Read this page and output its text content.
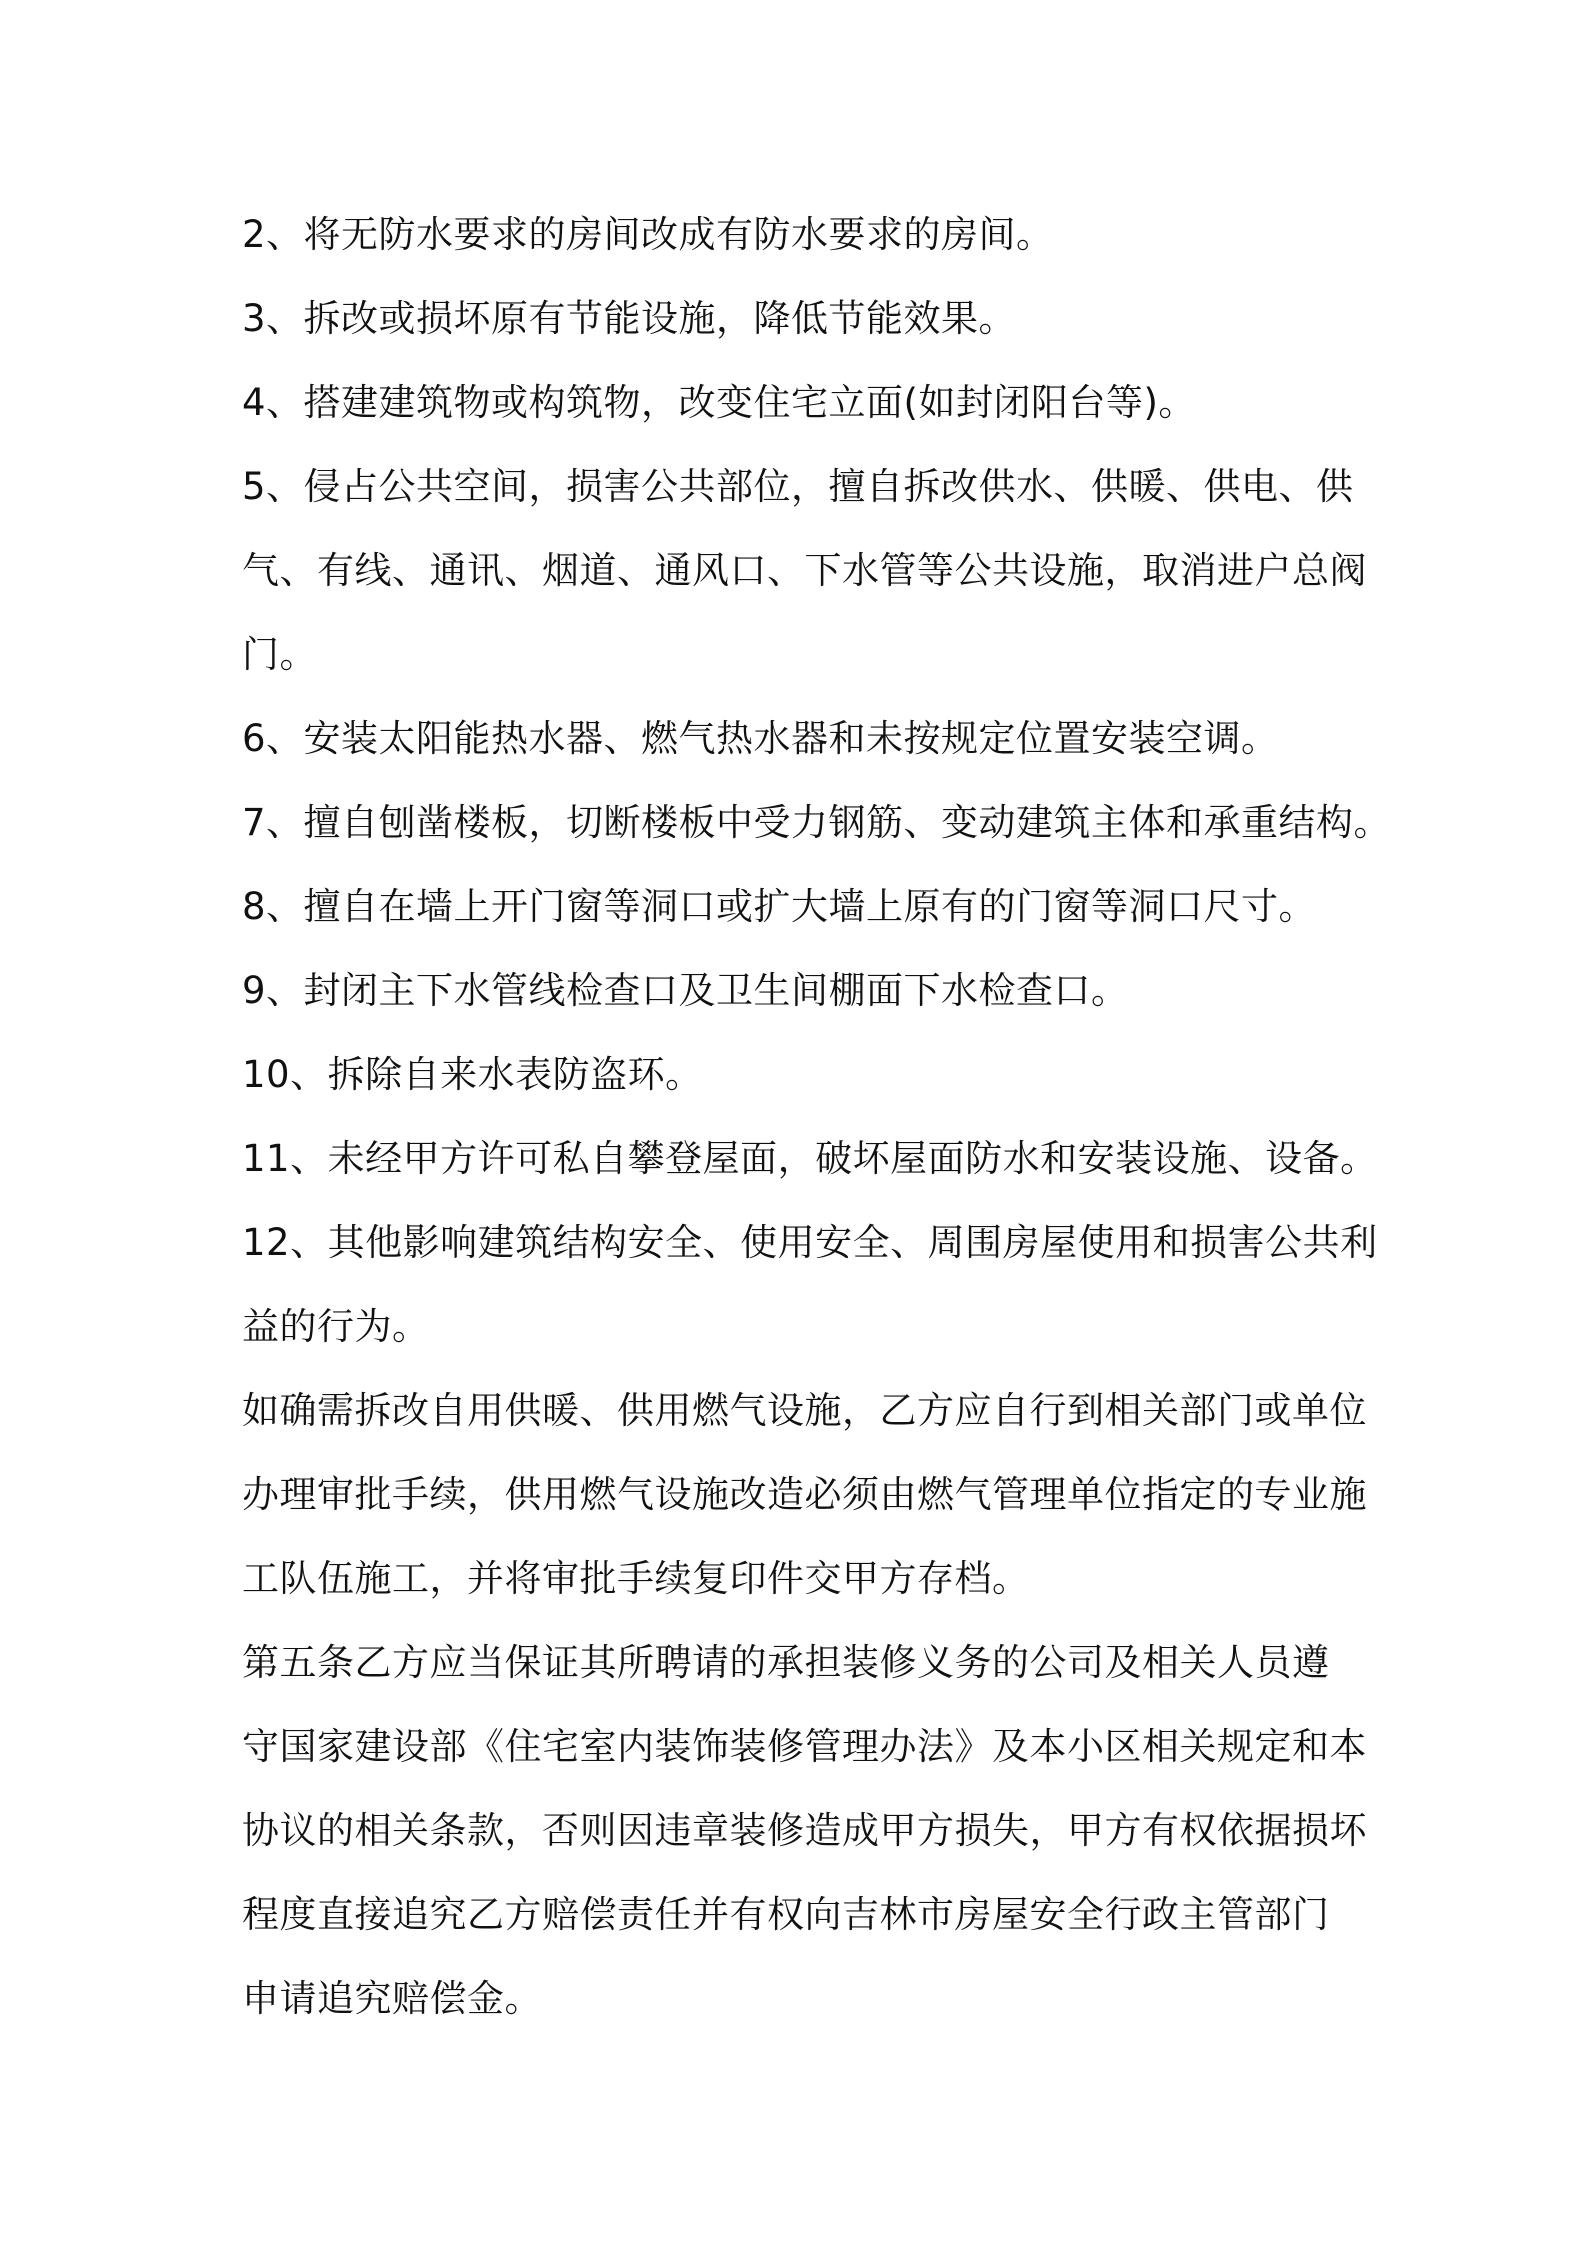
2、将无防水要求的房间改成有防水要求的房间。
3、拆改或损坏原有节能设施，降低节能效果。
4、搭建建筑物或构筑物，改变住宅立面(如封闭阳台等)。
5、侵占公共空间，损害公共部位，擅自拆改供水、供暖、供电、供
气、有线、通讯、烟道、通风口、下水管等公共设施，取消进户总阀
门。
6、安装太阳能热水器、燃气热水器和未按规定位置安装空调。
7、擅自刨凿楼板，切断楼板中受力钢筋、变动建筑主体和承重结构。
8、擅自在墙上开门窗等洞口或扩大墙上原有的门窗等洞口尺寸。
9、封闭主下水管线检查口及卫生间棚面下水检查口。
10、拆除自来水表防盗环。
11、未经甲方许可私自攀登屋面，破坏屋面防水和安装设施、设备。
12、其他影响建筑结构安全、使用安全、周围房屋使用和损害公共利
益的行为。
如确需拆改自用供暖、供用燃气设施，乙方应自行到相关部门或单位
办理审批手续，供用燃气设施改造必须由燃气管理单位指定的专业施
工队伍施工，并将审批手续复印件交甲方存档。
第五条乙方应当保证其所聘请的承担装修义务的公司及相关人员遵
守国家建设部《住宅室内装饰装修管理办法》及本小区相关规定和本
协议的相关条款，否则因违章装修造成甲方损失，甲方有权依据损坏
程度直接追究乙方赔偿责任并有权向吉林市房屋安全行政主管部门
申请追究赔偿金。
